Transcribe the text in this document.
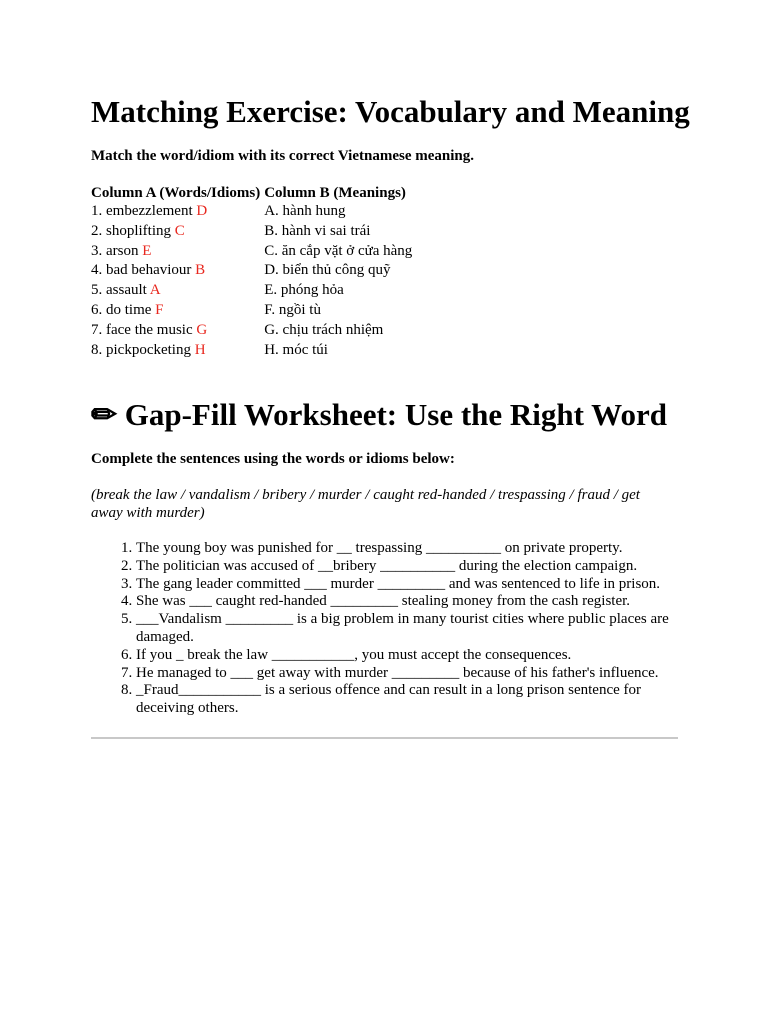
Matching Exercise: Vocabulary and Meaning

Match the word/idiom with its correct Vietnamese meaning.

Column A (Words/Idioms)	Column B (Meanings)
1. embezzlement D	A. hành hung
2. shoplifting C	B. hành vi sai trái
3. arson E	C. ăn cắp vặt ở cửa hàng
4. bad behaviour B	D. biển thủ công quỹ
5. assault A	E. phóng hỏa
6. do time F	F. ngồi tù
7. face the music G	G. chịu trách nhiệm
8. pickpocketing H	H. móc túi
✏ Gap-Fill Worksheet: Use the Right Word

Complete the sentences using the words or idioms below:

(break the law / vandalism / bribery / murder / caught red-handed / trespassing / fraud / get away with murder)

1. The young boy was punished for __ trespassing __________ on private property.
2. The politician was accused of __bribery __________ during the election campaign.
3. The gang leader committed ___ murder _________ and was sentenced to life in prison.
4. She was ___ caught red-handed _________ stealing money from the cash register.
5. ___Vandalism _________ is a big problem in many tourist cities where public places are damaged.
6. If you _ break the law ___________, you must accept the consequences.
7. He managed to ___ get away with murder _________ because of his father's influence.
8. _Fraud___________ is a serious offence and can result in a long prison sentence for deceiving others.
